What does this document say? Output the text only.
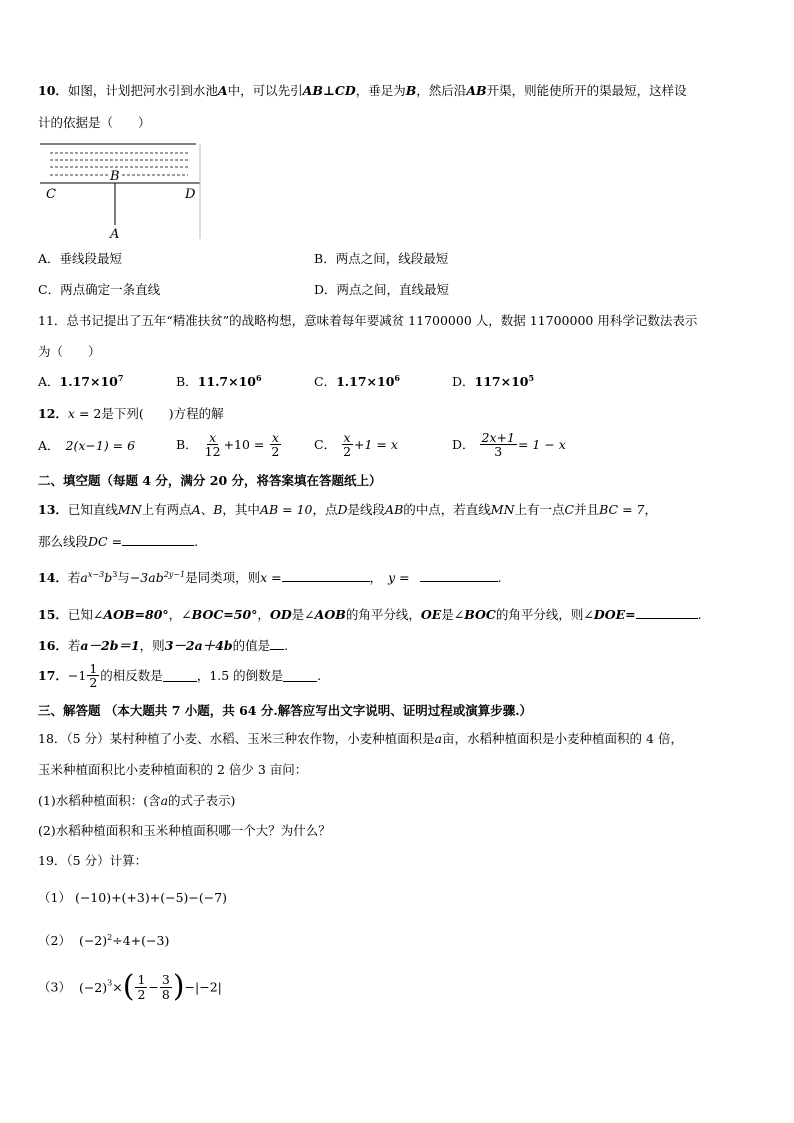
10．如图，计划把河水引到水池A中，可以先引AB⊥CD，垂足为B，然后沿AB开渠，则能使所开的渠最短，这样设
计的依据是（　　）
B
C	D
A
A．垂线段最短	B．两点之间，线段最短
C．两点确定一条直线	D．两点之间，直线最短
11．总书记提出了五年“精准扶贫”的战略构想，意味着每年要减贫 11700000 人，数据 11700000 用科学记数法表示
为（　　）
A．$1.17\times 10^7$	B．$11.7\times 10^6$	C．$1.17\times 10^6$	D．$117\times 10^5$
12．x = 2是下列(　　)方程的解
A． 2(x−1) = 6	B． $\frac{x}{12} +10 = \frac{x}{2}$	C． $\frac{x}{2} +1 = x$	D． $\frac{2x+1}{3} = 1 - x$
二、填空题（每题 4 分，满分 20 分，将答案填在答题纸上）
13．已知直线MN上有两点A、B，其中AB = 10，点D是线段AB的中点，若直线MN上有一点C并且BC = 7，
那么线段DC =	.
14．若$a^{x-3}b^3$与$-3ab^{2y-1}$是同类项，则x =	， y =	.
15．已知∠AOB=80°，∠BOC=50°，OD是∠AOB的角平分线，OE是∠BOC的角平分线，则∠DOE=	.
16．若a－2b＝1，则3－2a＋4b的值是 .
17．$-1 \frac{1}{2}$ 的相反数是	，1.5 的倒数是	.
三、解答题 （本大题共 7 小题，共 64 分.解答应写出文字说明、证明过程或演算步骤.）
18．（5 分）某村种植了小麦、水稻、玉米三种农作物，小麦种植面积是a亩，水稻种植面积是小麦种植面积的 4 倍，
玉米种植面积比小麦种植面积的 2 倍少 3 亩问：
(1)水稻种植面积：(含a的式子表示)
(2)水稻种植面积和玉米种植面积哪一个大？为什么？
19．（5 分）计算：
（1） (−10)+(+3)+(−5)−(−7)
（2） $(-2)^2\div 4+(-3)$
（3） $(-2)^3\times( \frac{1}{2} - \frac{3}{8} )-|-2|$
